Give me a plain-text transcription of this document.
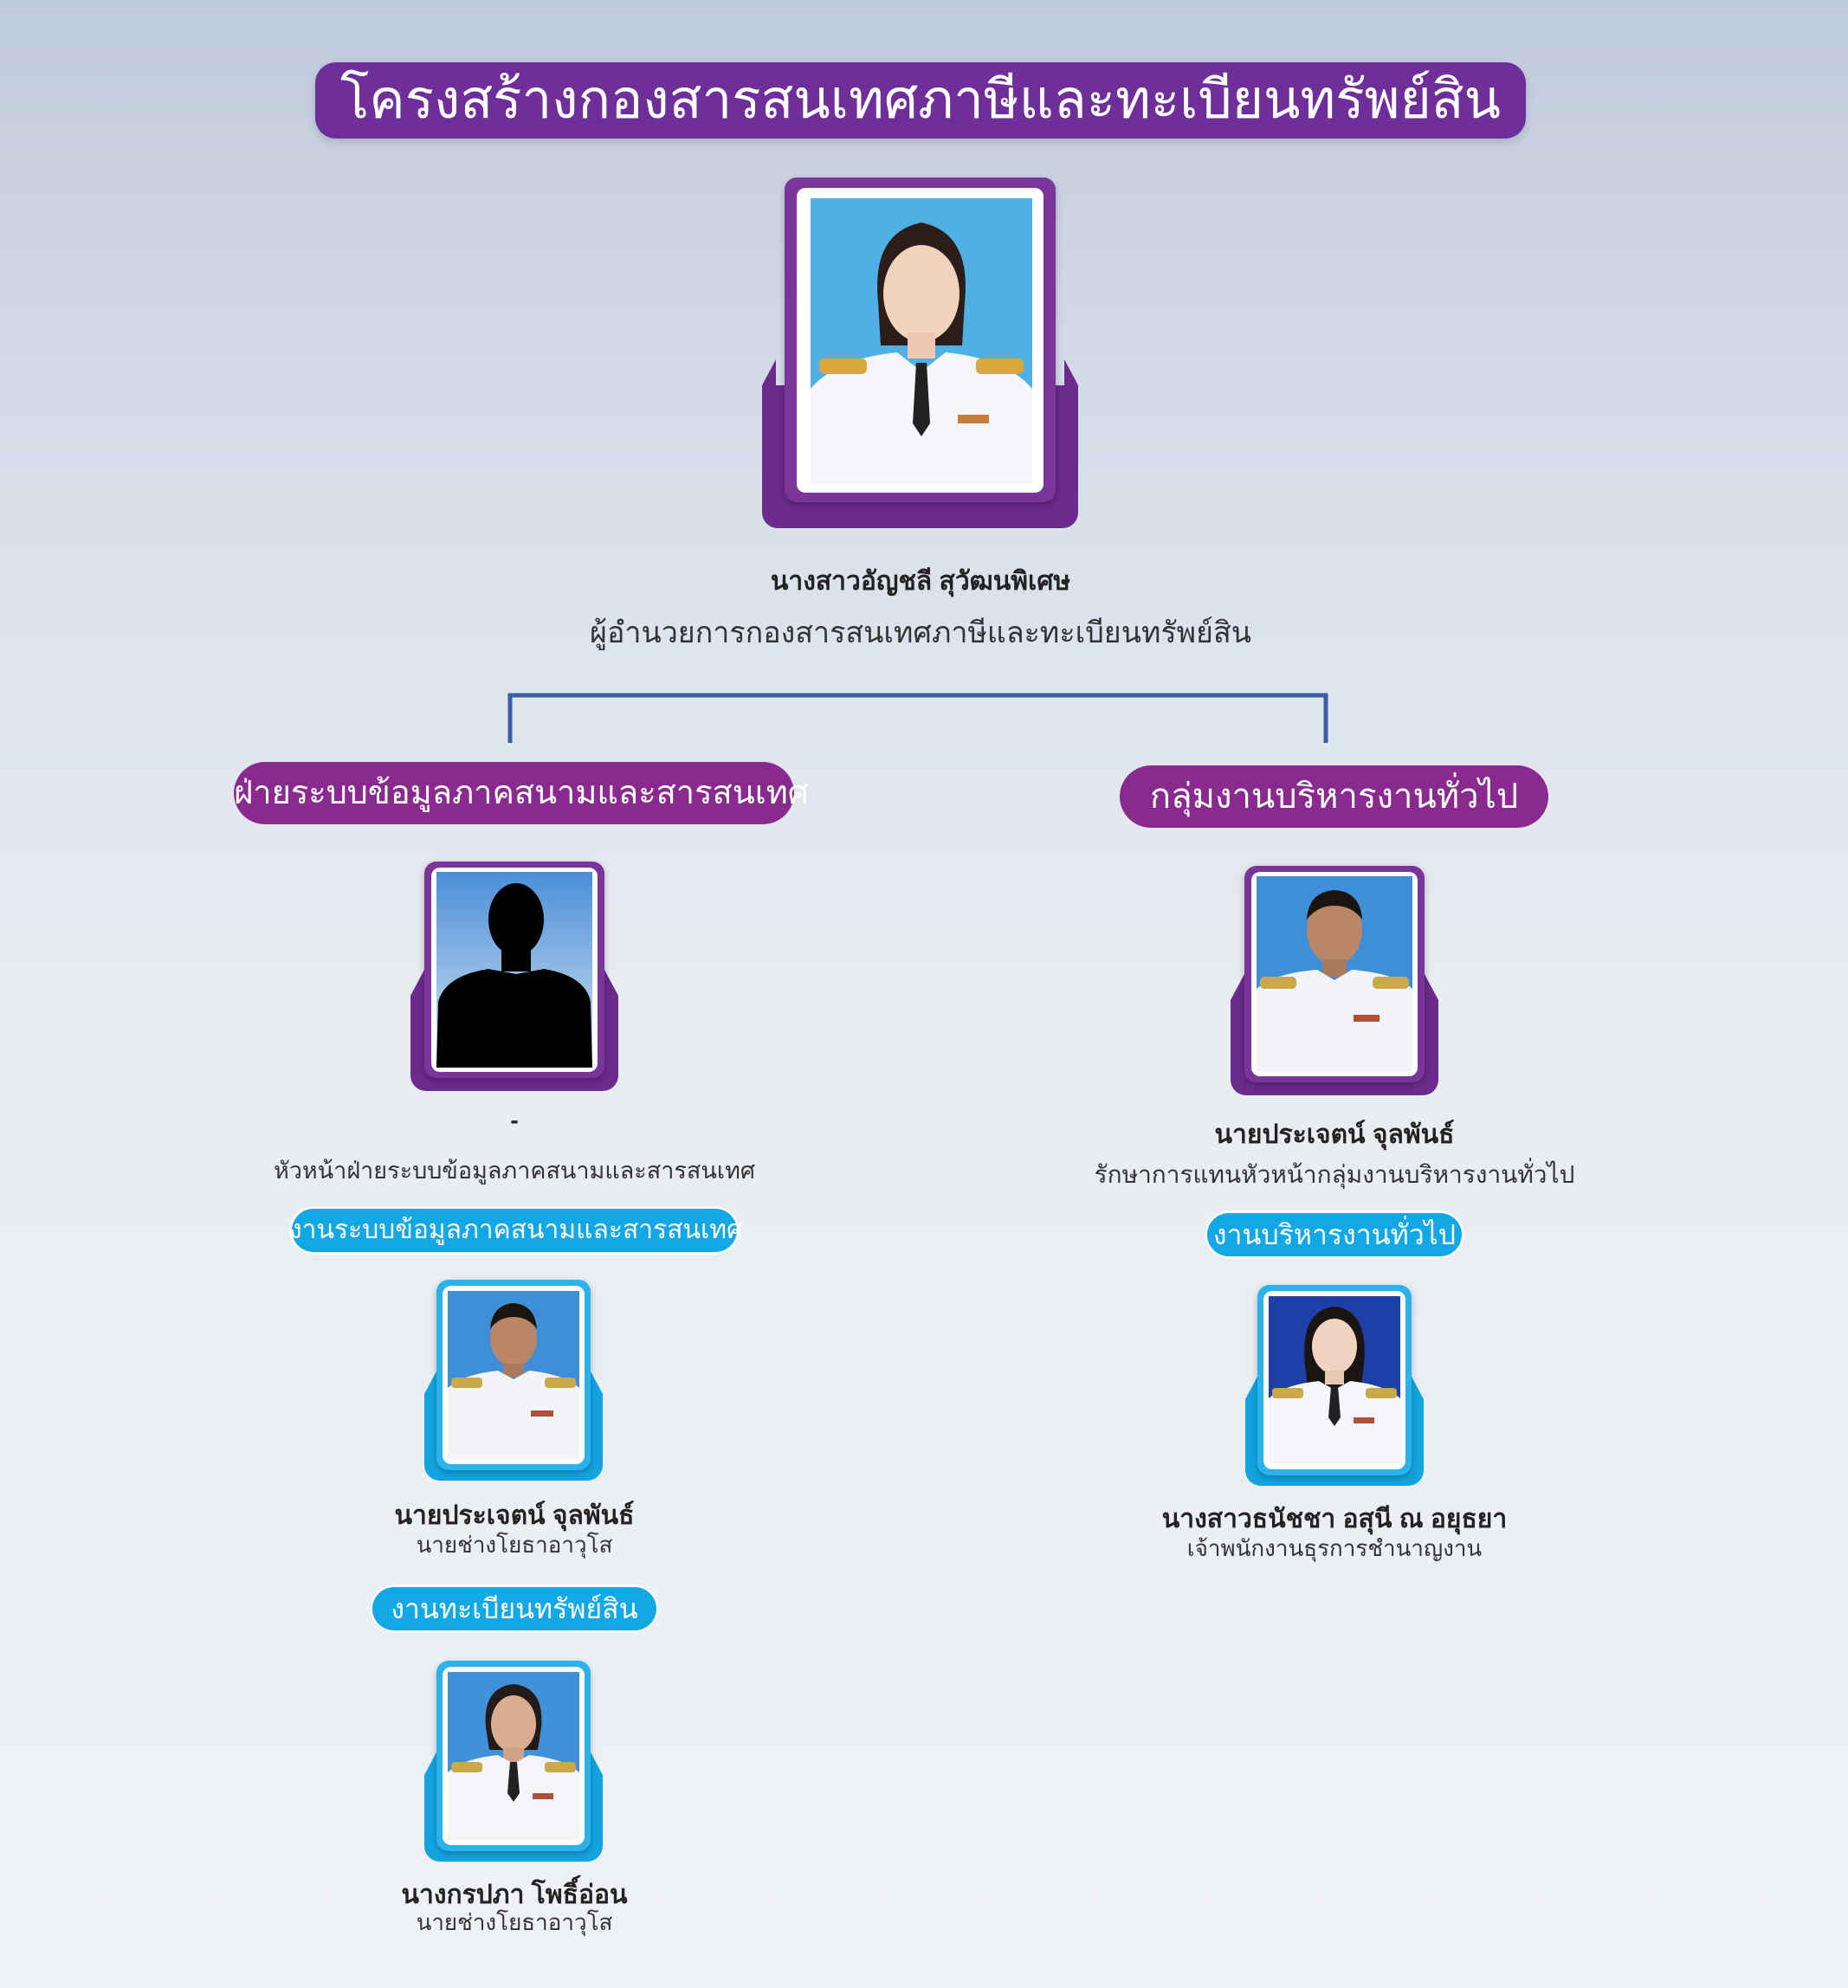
โครงสร้างกองสารสนเทศภาษีและทะเบียนทรัพย์สิน
นางสาวอัญชลี สุวัฒนพิเศษ
ผู้อำนวยการกองสารสนเทศภาษีและทะเบียนทรัพย์สิน
ฝ่ายระบบข้อมูลภาคสนามและสารสนเทศ	กลุ่มงานบริหารงานทั่วไป
-
หัวหน้าฝ่ายระบบข้อมูลภาคสนามและสารสนเทศ
นายประเจตน์ จุลพันธ์
รักษาการแทนหัวหน้ากลุ่มงานบริหารงานทั่วไป
งานระบบข้อมูลภาคสนามและสารสนเทศ
นายประเจตน์ จุลพันธ์
นายช่างโยธาอาวุโส
งานทะเบียนทรัพย์สิน
นางกรปภา โพธิ์อ่อน
นายช่างโยธาอาวุโส
งานบริหารงานทั่วไป
นางสาวธนัชชา อสุนี ณ อยุธยา
เจ้าพนักงานธุรการชำนาญงาน
